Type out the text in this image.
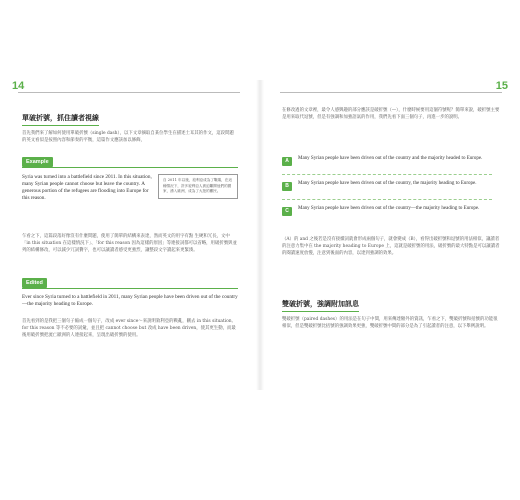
14
單破折號，抓住讀者視線
首先我們來了解如何使用單破折號（single dash），以下文章摘取自某位學生在描述土耳其的作文，這段問題的英文看似是按照內容和節奏的平衡，這篇作文應該加以修飾，
Example
Syria was turned into a battlefield since 2011. In this situation, many Syrian people cannot choose but leave the country. A generous portion of the refugees are flooding into Europe for this reason.
自 2011 年以後，敘利亞成為了戰場，在這種情況下，許多敘利亞人被迫離開他們的國家，湧入歐洲，成為了大批的難民。
乍看之下，這篇段落好像沒有什麼問題，使用了簡單的結構來表達，然而英文的用字有點 生硬和冗長，文中「in this situation 在這樣情況下」、「for this reason 因為這樣的原因」等連接詞都可以省略，用破折號與並列的結構修改，可以減少冗詞贅字，也可以讓讀者感受更強烈，讓整段文字讀起來更緊湊。
Edited
Ever since Syria turned to a battlefield in 2011, many Syrian people have been driven out of the country—the majority heading to Europe.
首先看到的是我把三個句子縮成一個句子，改成 ever since～來說明敘利亞的戰亂，刪去 in this situation, for this reason 等不必要的詞彙，並且把 cannot choose but 改成 have been driven，使其更生動，而最後用破折號把流亡歐洲的人連接起來，呈現出破折號的使用。
15
在修改過的文章裡，最令人感興趣的部分應該是破折號（—），什麼時候要用這個符號呢？簡單來說，破折號主要是用來取代逗號，但是有強調和加強語氣的作用，我們先看下面三個句子，再進一步的說明。
A	Many Syrian people have been driven out of the country and the majority headed to Europe.
B	Many Syrian people have been driven out of the country, the majority heading to Europe.
C	Many Syrian people have been driven out of the country—the majority heading to Europe.
（A）的 and 之後若是沒有接續詞就會形成兩個句子，就會變成（B），看得出破折號和逗號的用法相似，讓讀者的注意力集中在 the majority heading to Europe 上，這就是破折號的用法，破折號的最大特點是可以讓讀者的閱讀速度放慢，注意到後面的內容，以達到強調的效果。
雙破折號，強調附加訊息
雙破折號（paired dashes）的用法是在句子中間，用來傳達額外的資訊，乍看之下，雙破折號和括號的功能很相似，但是雙破折號比括號的強調效果更強，雙破折號中間的部分是為了引起讀者的注意，以下舉例說明。
